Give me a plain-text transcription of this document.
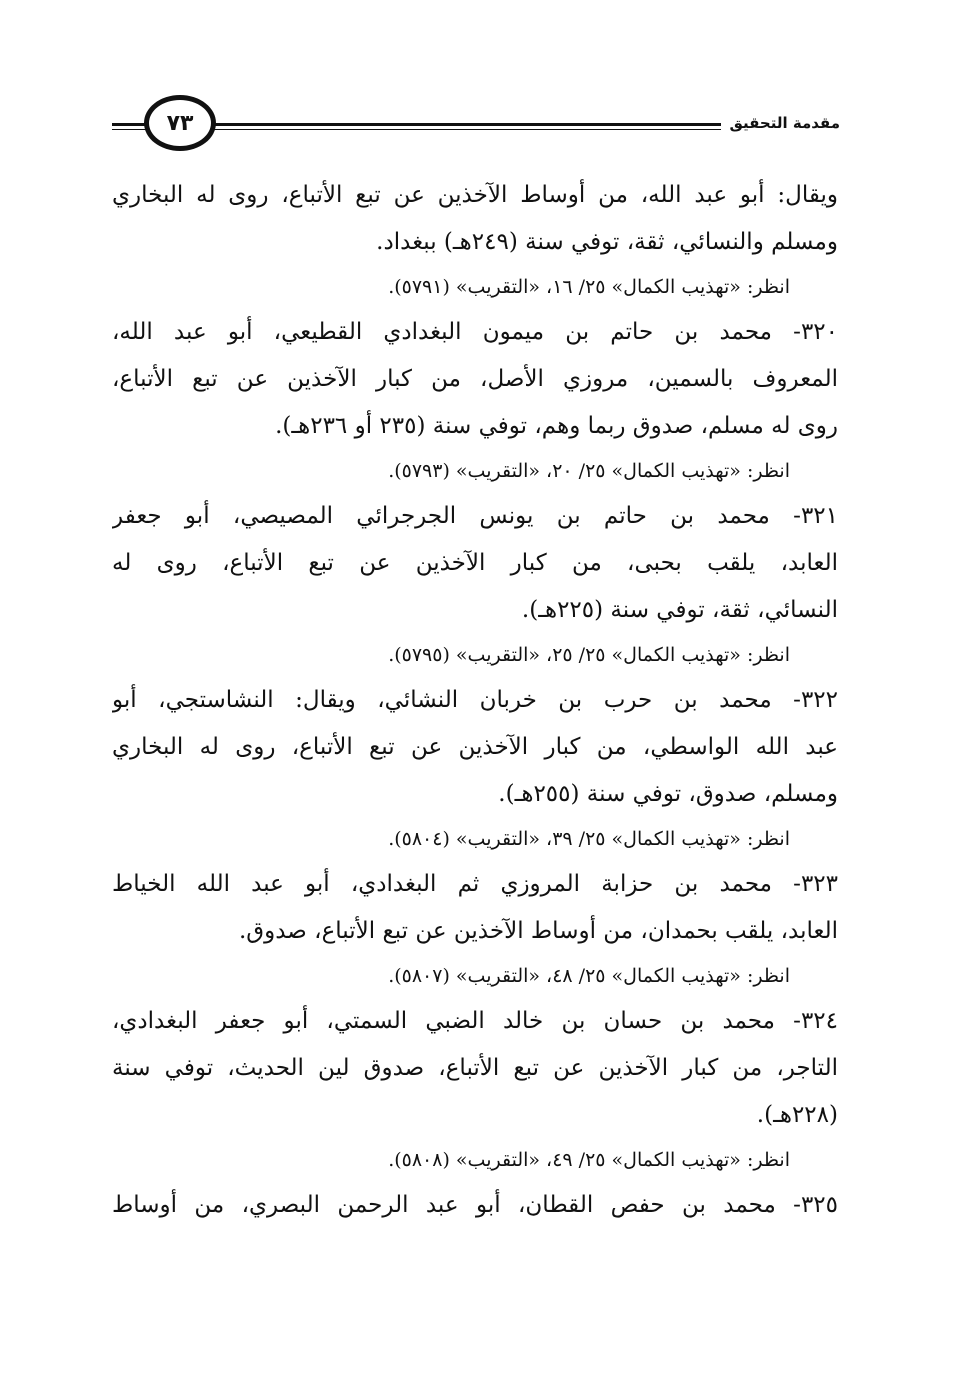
مقدمة التحقيق
٧٣
ويقال: أبو عبد الله، من أوساط الآخذين عن تبع الأتباع، روى له البخاري
ومسلم والنسائي، ثقة، توفي سنة (٢٤٩هـ) ببغداد.
انظر: «تهذيب الكمال» ٢٥/ ١٦، «التقريب» (٥٧٩١).
٣٢٠- محمد بن حاتم بن ميمون البغدادي القطيعي، أبو عبد الله،
المعروف بالسمين، مروزي الأصل، من كبار الآخذين عن تبع الأتباع،
روى له مسلم، صدوق ربما وهم، توفي سنة (٢٣٥ أو ٢٣٦هـ).
انظر: «تهذيب الكمال» ٢٥/ ٢٠، «التقريب» (٥٧٩٣).
٣٢١- محمد بن حاتم بن يونس الجرجرائي المصيصي، أبو جعفر
العابد، يلقب بحبى، من كبار الآخذين عن تبع الأتباع، روى له
النسائي، ثقة، توفي سنة (٢٢٥هـ).
انظر: «تهذيب الكمال» ٢٥/ ٢٥، «التقريب» (٥٧٩٥).
٣٢٢- محمد بن حرب بن خربان النشائي، ويقال: النشاستجي، أبو
عبد الله الواسطي، من كبار الآخذين عن تبع الأتباع، روى له البخاري
ومسلم، صدوق، توفي سنة (٢٥٥هـ).
انظر: «تهذيب الكمال» ٢٥/ ٣٩، «التقريب» (٥٨٠٤).
٣٢٣- محمد بن حزابة المروزي ثم البغدادي، أبو عبد الله الخياط
العابد، يلقب بحمدان، من أوساط الآخذين عن تبع الأتباع، صدوق.
انظر: «تهذيب الكمال» ٢٥/ ٤٨، «التقريب» (٥٨٠٧).
٣٢٤- محمد بن حسان بن خالد الضبي السمتي، أبو جعفر البغدادي،
التاجر، من كبار الآخذين عن تبع الأتباع، صدوق لين الحديث، توفي سنة
(٢٢٨هـ).
انظر: «تهذيب الكمال» ٢٥/ ٤٩، «التقريب» (٥٨٠٨).
٣٢٥- محمد بن حفص القطان، أبو عبد الرحمن البصري، من أوساط
